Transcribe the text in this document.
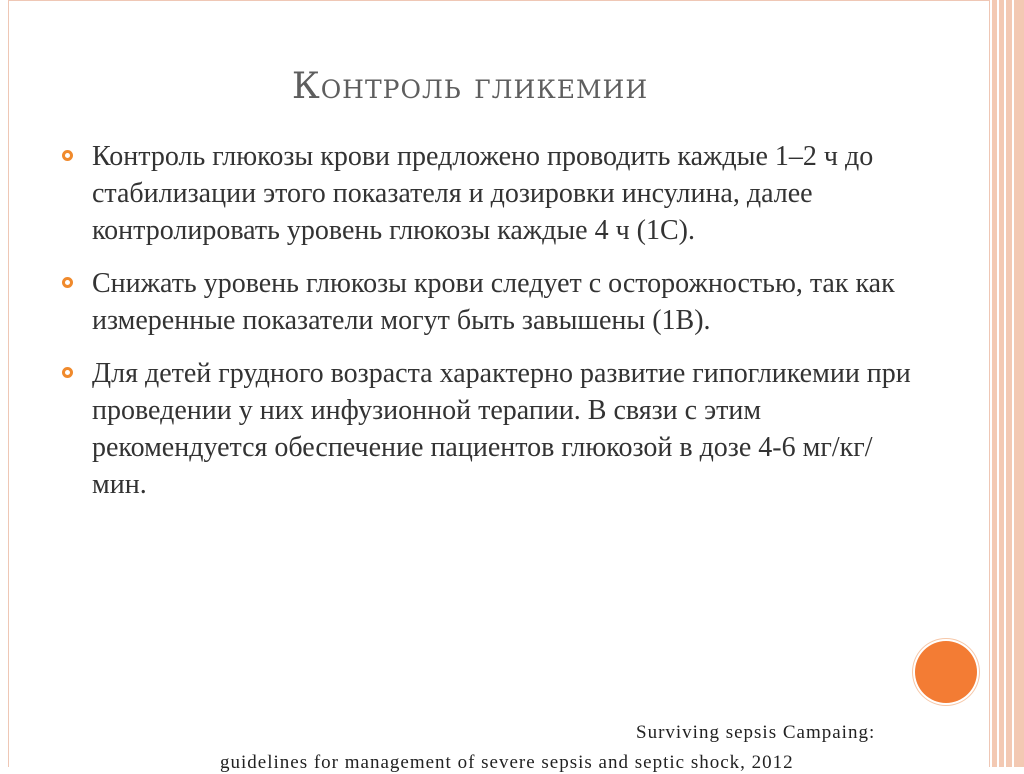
Контроль гликемии
Контроль глюкозы крови предложено проводить каждые 1–2 ч до стабилизации этого показателя и дозировки инсулина, далее контролировать уровень глюкозы каждые 4 ч (1С).
Снижать уровень глюкозы крови следует с осторожностью, так как измеренные показатели могут быть завышены (1В).
Для детей грудного возраста характерно развитие гипогликемии при проведении у них инфузионной терапии. В связи с этим рекомендуется обеспечение пациентов глюкозой в дозе 4-6 мг/кг/мин.
Surviving sepsis Campaing:
guidelines for management of severe sepsis and septic shock, 2012
